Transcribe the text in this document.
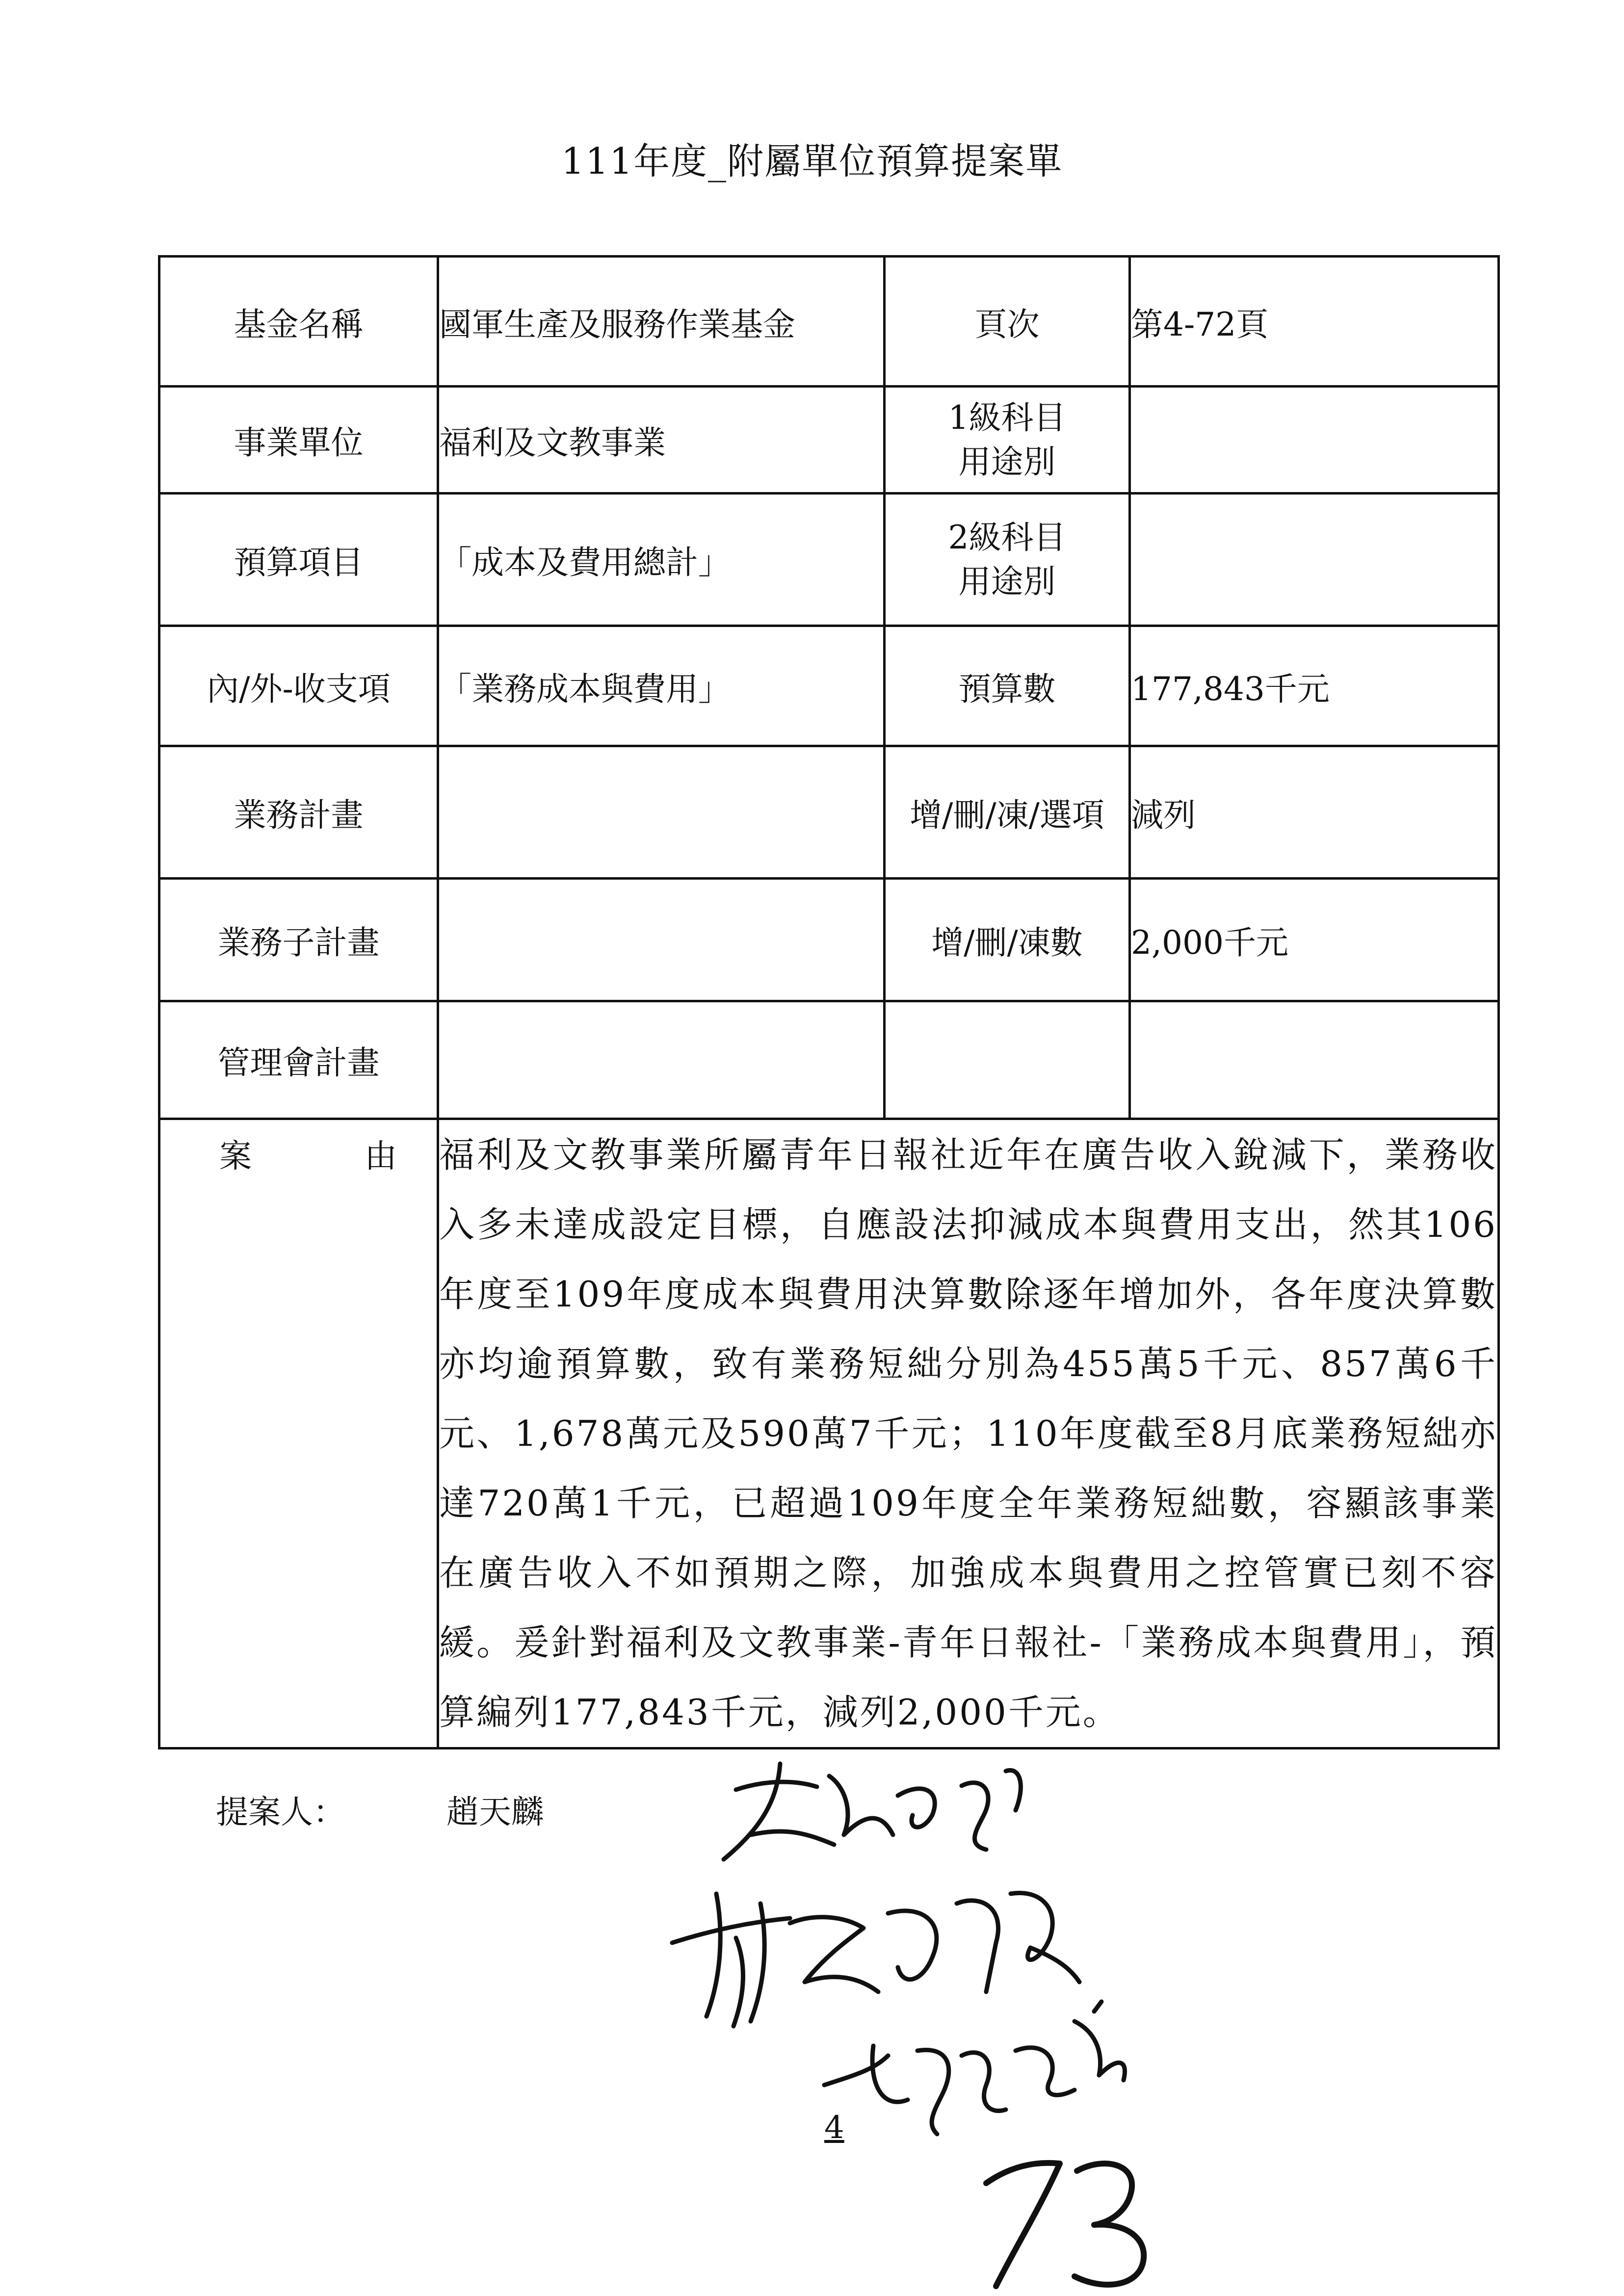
111年度_附屬單位預算提案單
基金名稱	國軍生產及服務作業基金	頁次	第4-72頁
事業單位	福利及文教事業	1級科目
用途別	
預算項目	「成本及費用總計」	2級科目
用途別	
內/外-收支項	「業務成本與費用」	預算數	177,843千元
業務計畫		增/刪/凍/選項	減列
業務子計畫		增/刪/凍數	2,000千元
管理會計畫			
案 由	福利及文教事業所屬青年日報社近年在廣告收入銳減下，業務收入多未達成設定目標，自應設法抑減成本與費用支出，然其106年度至109年度成本與費用決算數除逐年增加外，各年度決算數亦均逾預算數，致有業務短絀分別為455萬5千元、857萬6千元、1,678萬元及590萬7千元；110年度截至8月底業務短絀亦達720萬1千元，已超過109年度全年業務短絀數，容顯該事業在廣告收入不如預期之際，加強成本與費用之控管實已刻不容緩。爰針對福利及文教事業-青年日報社-「業務成本與費用」，預算編列177,843千元，減列2,000千元。		

提案人：	趙天麟
4
